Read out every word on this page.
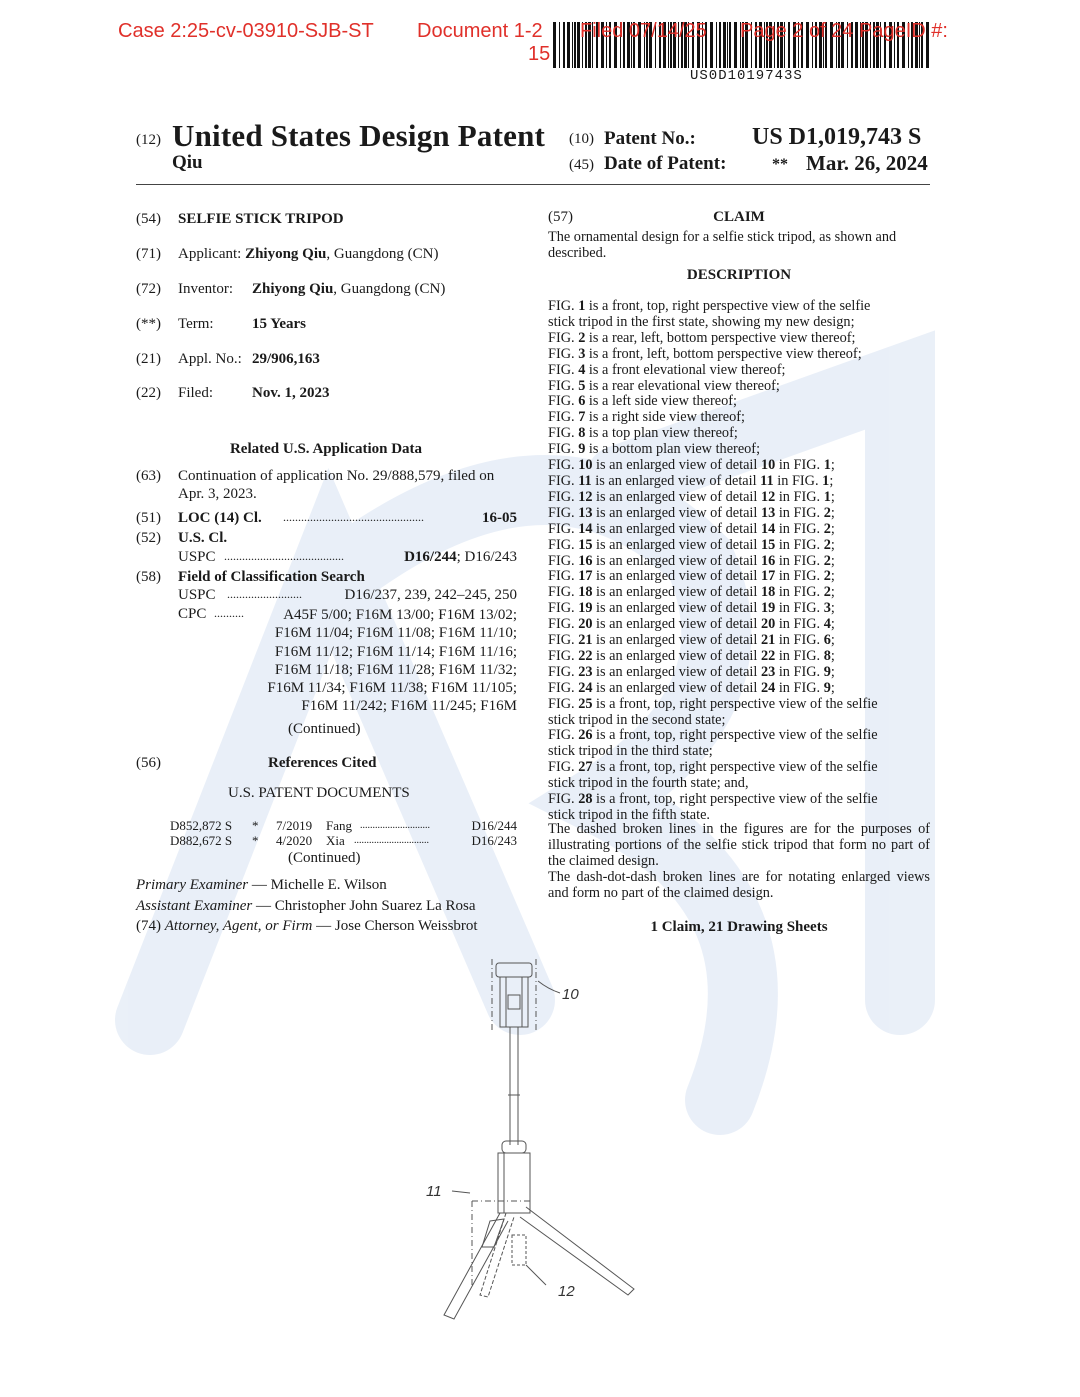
Case 2:25-cv-03910-SJB-ST Document 1-2 Filed 07/14/25 Page 2 of 24 PageID #:
15
US0D1019743S
(12) United States Design Patent
Qiu
(10) Patent No.: US D1,019,743 S
(45) Date of Patent:	** Mar. 26, 2024
(54) SELFIE STICK TRIPOD
(71) Applicant: Zhiyong Qiu, Guangdong (CN)
(72) Inventor: Zhiyong Qiu, Guangdong (CN)
(**) Term:	15 Years
(21) Appl. No.: 29/906,163
(22) Filed:	Nov. 1, 2023
Related U.S. Application Data
(63) Continuation of application No. 29/888,579, filed on
Apr. 3, 2023.
(51) LOC (14) Cl. ...............................................	16-05
(52) U.S. Cl.
USPC ........................................	D16/244; D16/243
(58) Field of Classification Search
USPC .........................	D16/237, 239, 242–245, 250
CPC ..........	A45F 5/00; F16M 13/00; F16M 13/02;
F16M 11/04; F16M 11/08; F16M 11/10;
F16M 11/12; F16M 11/14; F16M 11/16;
F16M 11/18; F16M 11/28; F16M 11/32;
F16M 11/34; F16M 11/38; F16M 11/105;
F16M 11/242; F16M 11/245; F16M
(Continued)
(56)	References Cited
U.S. PATENT DOCUMENTS
D852,872 S * 7/2019 Fang ............................	D16/244
D882,672 S * 4/2020 Xia ..............................	D16/243
(Continued)
Primary Examiner — Michelle E. Wilson
Assistant Examiner — Christopher John Suarez La Rosa
(74) Attorney, Agent, or Firm — Jose Cherson Weissbrot
(57)	CLAIM
The ornamental design for a selfie stick tripod, as shown and
described.
DESCRIPTION
FIG. 1 is a front, top, right perspective view of the selfie
stick tripod in the first state, showing my new design;
FIG. 2 is a rear, left, bottom perspective view thereof;
FIG. 3 is a front, left, bottom perspective view thereof;
FIG. 4 is a front elevational view thereof;
FIG. 5 is a rear elevational view thereof;
FIG. 6 is a left side view thereof;
FIG. 7 is a right side view thereof;
FIG. 8 is a top plan view thereof;
FIG. 9 is a bottom plan view thereof;
FIG. 10 is an enlarged view of detail 10 in FIG. 1;
FIG. 11 is an enlarged view of detail 11 in FIG. 1;
FIG. 12 is an enlarged view of detail 12 in FIG. 1;
FIG. 13 is an enlarged view of detail 13 in FIG. 2;
FIG. 14 is an enlarged view of detail 14 in FIG. 2;
FIG. 15 is an enlarged view of detail 15 in FIG. 2;
FIG. 16 is an enlarged view of detail 16 in FIG. 2;
FIG. 17 is an enlarged view of detail 17 in FIG. 2;
FIG. 18 is an enlarged view of detail 18 in FIG. 2;
FIG. 19 is an enlarged view of detail 19 in FIG. 3;
FIG. 20 is an enlarged view of detail 20 in FIG. 4;
FIG. 21 is an enlarged view of detail 21 in FIG. 6;
FIG. 22 is an enlarged view of detail 22 in FIG. 8;
FIG. 23 is an enlarged view of detail 23 in FIG. 9;
FIG. 24 is an enlarged view of detail 24 in FIG. 9;
FIG. 25 is a front, top, right perspective view of the selfie
stick tripod in the second state;
FIG. 26 is a front, top, right perspective view of the selfie
stick tripod in the third state;
FIG. 27 is a front, top, right perspective view of the selfie
stick tripod in the fourth state; and,
FIG. 28 is a front, top, right perspective view of the selfie
stick tripod in the fifth state.
The dashed broken lines in the figures are for the purposes of illustrating portions of the selfie stick tripod that form no part of the claimed design.
The dash-dot-dash broken lines are for notating enlarged views and form no part of the claimed design.
1 Claim, 21 Drawing Sheets
10
11
12
